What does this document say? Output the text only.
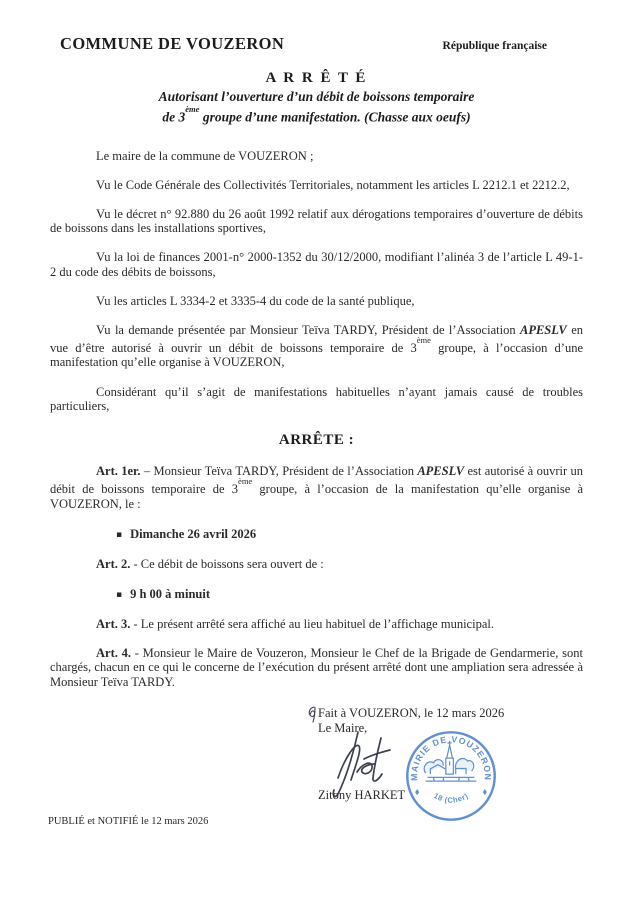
COMMUNE DE VOUZERON	République française
A R R Ê T É
Autorisant l’ouverture d’un débit de boissons temporaire
de 3ème groupe d’une manifestation. (Chasse aux oeufs)

Le maire de la commune de VOUZERON ;

Vu le Code Générale des Collectivités Territoriales, notamment les articles L 2212.1 et 2212.2,

Vu le décret n° 92.880 du 26 août 1992 relatif aux dérogations temporaires d’ouverture de débits de boissons dans les installations sportives,

Vu la loi de finances 2001-n° 2000-1352 du 30/12/2000, modifiant l’alinéa 3 de l’article L 49-1-2 du code des débits de boissons,

Vu les articles L 3334-2 et 3335-4 du code de la santé publique,

Vu la demande présentée par Monsieur Teïva TARDY, Président de l’Association APESLV en vue d’être autorisé à ouvrir un débit de boissons temporaire de 3ème groupe, à l’occasion d’une manifestation qu’elle organise à VOUZERON,

Considérant qu’il s’agit de manifestations habituelles n’ayant jamais causé de troubles particuliers,

ARRÊTE :

Art. 1er. – Monsieur Teïva TARDY, Président de l’Association APESLV est autorisé à ouvrir un débit de boissons temporaire de 3ème groupe, à l’occasion de la manifestation qu’elle organise à VOUZERON, le :

▪ Dimanche 26 avril 2026

Art. 2. - Ce débit de boissons sera ouvert de :

▪ 9 h 00 à minuit

Art. 3. - Le présent arrêté sera affiché au lieu habituel de l’affichage municipal.

Art. 4. - Monsieur le Maire de Vouzeron, Monsieur le Chef de la Brigade de Gendarmerie, sont chargés, chacun en ce qui le concerne de l’exécution du présent arrêté dont une ampliation sera adressée à Monsieur Teïva TARDY.

Fait à VOUZERON, le 12 mars 2026
Le Maire,
MAIRIE DE VOUZERON
18 (Cher)
Zitony HARKET
PUBLIÉ et NOTIFIÉ le 12 mars 2026
